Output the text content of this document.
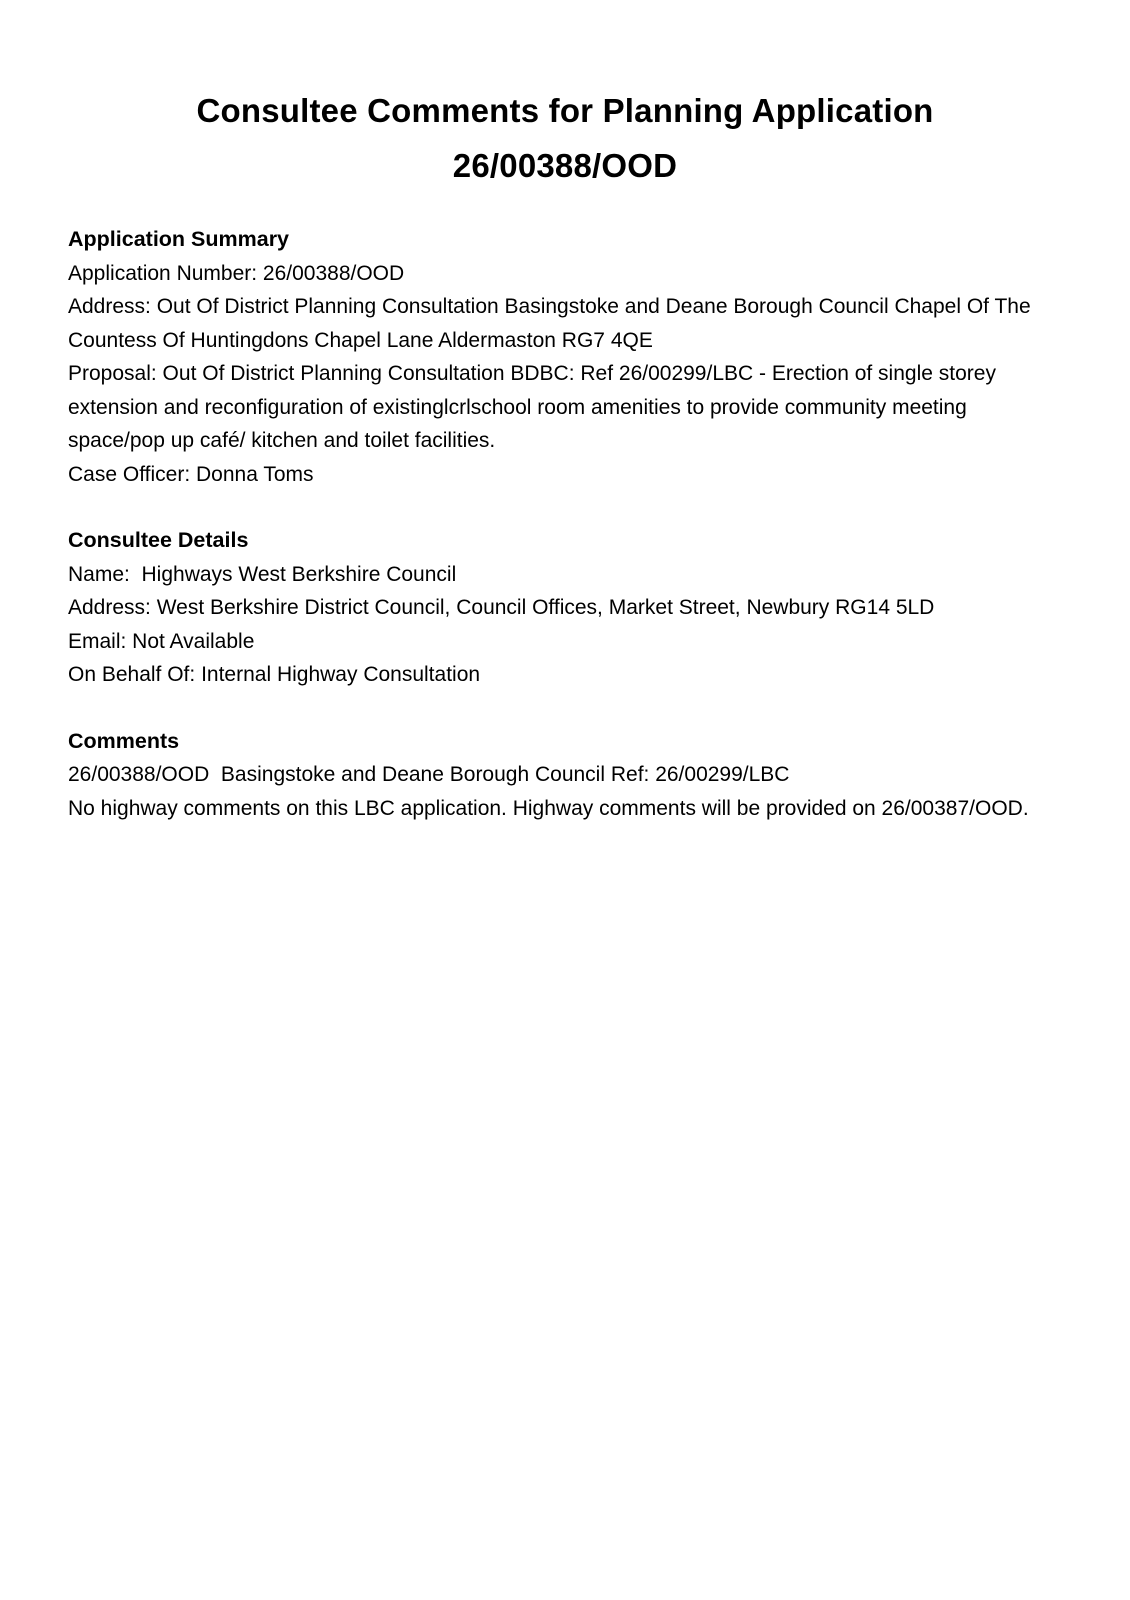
Consultee Comments for Planning Application
26/00388/OOD
Application Summary

Application Number: 26/00388/OOD

Address: Out Of District Planning Consultation Basingstoke and Deane Borough Council Chapel Of The Countess Of Huntingdons Chapel Lane Aldermaston RG7 4QE

Proposal: Out Of District Planning Consultation BDBC: Ref 26/00299/LBC - Erection of single storey extension and reconfiguration of existinglcrlschool room amenities to provide community meeting space/pop up café/ kitchen and toilet facilities.

Case Officer: Donna Toms

Consultee Details

Name:  Highways West Berkshire Council

Address: West Berkshire District Council, Council Offices, Market Street, Newbury RG14 5LD

Email: Not Available

On Behalf Of: Internal Highway Consultation

Comments

26/00388/OOD  Basingstoke and Deane Borough Council Ref: 26/00299/LBC

No highway comments on this LBC application. Highway comments will be provided on 26/00387/OOD.
